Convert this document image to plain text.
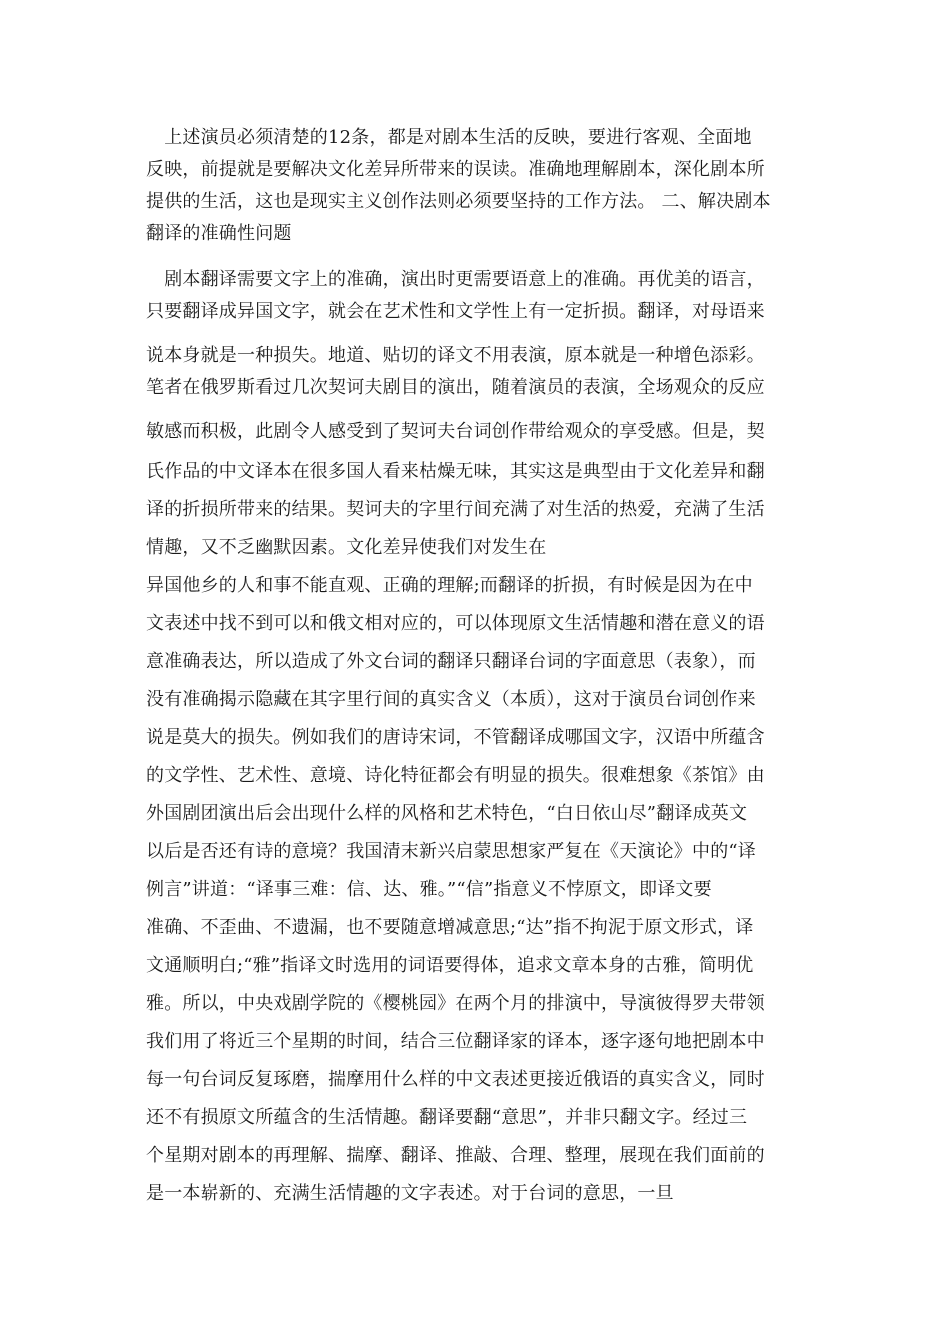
　上述演员必须清楚的12条，都是对剧本生活的反映，要进行客观、全面地
反映，前提就是要解决文化差异所带来的误读。准确地理解剧本，深化剧本所
提供的生活，这也是现实主义创作法则必须要坚持的工作方法。 二、解决剧本
翻译的准确性问题
　剧本翻译需要文字上的准确，演出时更需要语意上的准确。再优美的语言，
只要翻译成异国文字，就会在艺术性和文学性上有一定折损。翻译，对母语来
说本身就是一种损失。地道、贴切的译文不用表演，原本就是一种增色添彩。
笔者在俄罗斯看过几次契诃夫剧目的演出，随着演员的表演，全场观众的反应
敏感而积极，此剧令人感受到了契诃夫台词创作带给观众的享受感。但是，契
氏作品的中文译本在很多国人看来枯燥无味，其实这是典型由于文化差异和翻
译的折损所带来的结果。契诃夫的字里行间充满了对生活的热爱，充满了生活
情趣，又不乏幽默因素。文化差异使我们对发生在
异国他乡的人和事不能直观、正确的理解;而翻译的折损，有时候是因为在中
文表述中找不到可以和俄文相对应的，可以体现原文生活情趣和潜在意义的语
意准确表达，所以造成了外文台词的翻译只翻译台词的字面意思（表象），而
没有准确揭示隐藏在其字里行间的真实含义（本质），这对于演员台词创作来
说是莫大的损失。例如我们的唐诗宋词，不管翻译成哪国文字，汉语中所蕴含
的文学性、艺术性、意境、诗化特征都会有明显的损失。很难想象《茶馆》由
外国剧团演出后会出现什么样的风格和艺术特色，“白日依山尽”翻译成英文
以后是否还有诗的意境？我国清末新兴启蒙思想家严复在《天演论》中的“译
例言”讲道：“译事三难：信、达、雅。”“信”指意义不悖原文，即译文要
准确、不歪曲、不遗漏，也不要随意增减意思;“达”指不拘泥于原文形式，译
文通顺明白;“雅”指译文时选用的词语要得体，追求文章本身的古雅，简明优
雅。所以，中央戏剧学院的《樱桃园》在两个月的排演中，导演彼得罗夫带领
我们用了将近三个星期的时间，结合三位翻译家的译本，逐字逐句地把剧本中
每一句台词反复琢磨，揣摩用什么样的中文表述更接近俄语的真实含义，同时
还不有损原文所蕴含的生活情趣。翻译要翻“意思”，并非只翻文字。经过三
个星期对剧本的再理解、揣摩、翻译、推敲、合理、整理，展现在我们面前的
是一本崭新的、充满生活情趣的文字表述。对于台词的意思，一旦
